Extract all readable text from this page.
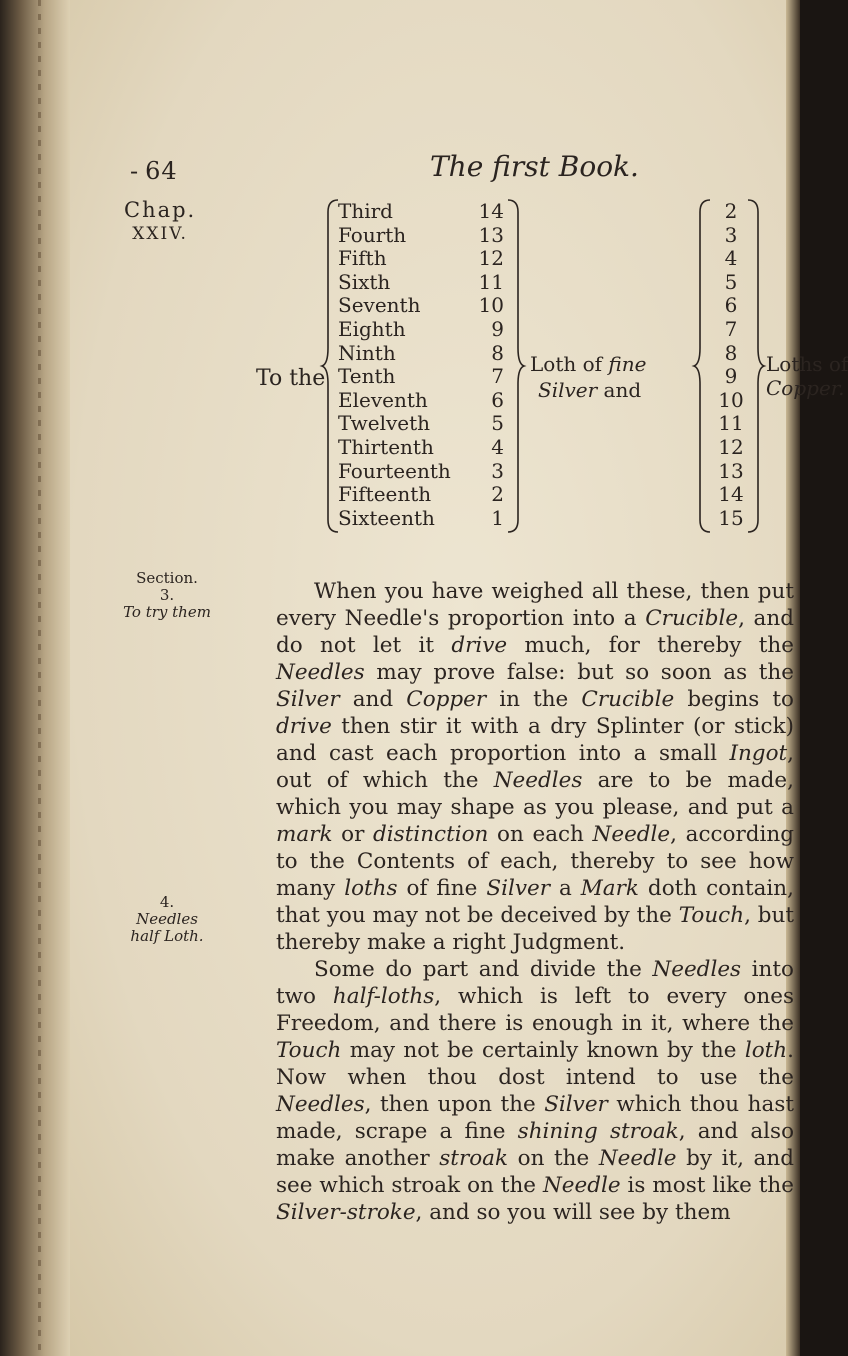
- 64	The first Book.
Chap.
XXIV.
To the
Third
Fourth
Fifth
Sixth
Seventh
Eighth
Ninth
Tenth
Eleventh
Twelveth
Thirtenth
Fourteenth
Fifteenth
Sixteenth
14
13
12
11
10
9
8
7
6
5
4
3
2
1
Loth of fine
Silver and
2
3
4
5
6
7
8
9
10
11
12
13
14
15
Loths of
Copper.
Section.
3.
To try them
4.
Needles
half Loth.

When you have weighed all these, then put every Needle's proportion into a Crucible, and do not let it drive much, for thereby the Needles may prove false: but so soon as the Silver and Copper in the Crucible begins to drive then stir it with a dry Splinter (or stick) and cast each proportion into a small Ingot, out of which the Needles are to be made, which you may shape as you please, and put a mark or distinction on each Needle, according to the Contents of each, thereby to see how many loths of fine Silver a Mark doth contain, that you may not be deceived by the Touch, but thereby make a right Judgment.

Some do part and divide the Needles into two half-loths, which is left to every ones Freedom, and there is enough in it, where the Touch may not be certainly known by the loth. Now when thou dost intend to use the Needles, then upon the Silver which thou hast made, scrape a fine shining stroak, and also make another stroak on the Needle by it, and see which stroak on the Needle is most like the Silver-stroke, and so you will see by them
